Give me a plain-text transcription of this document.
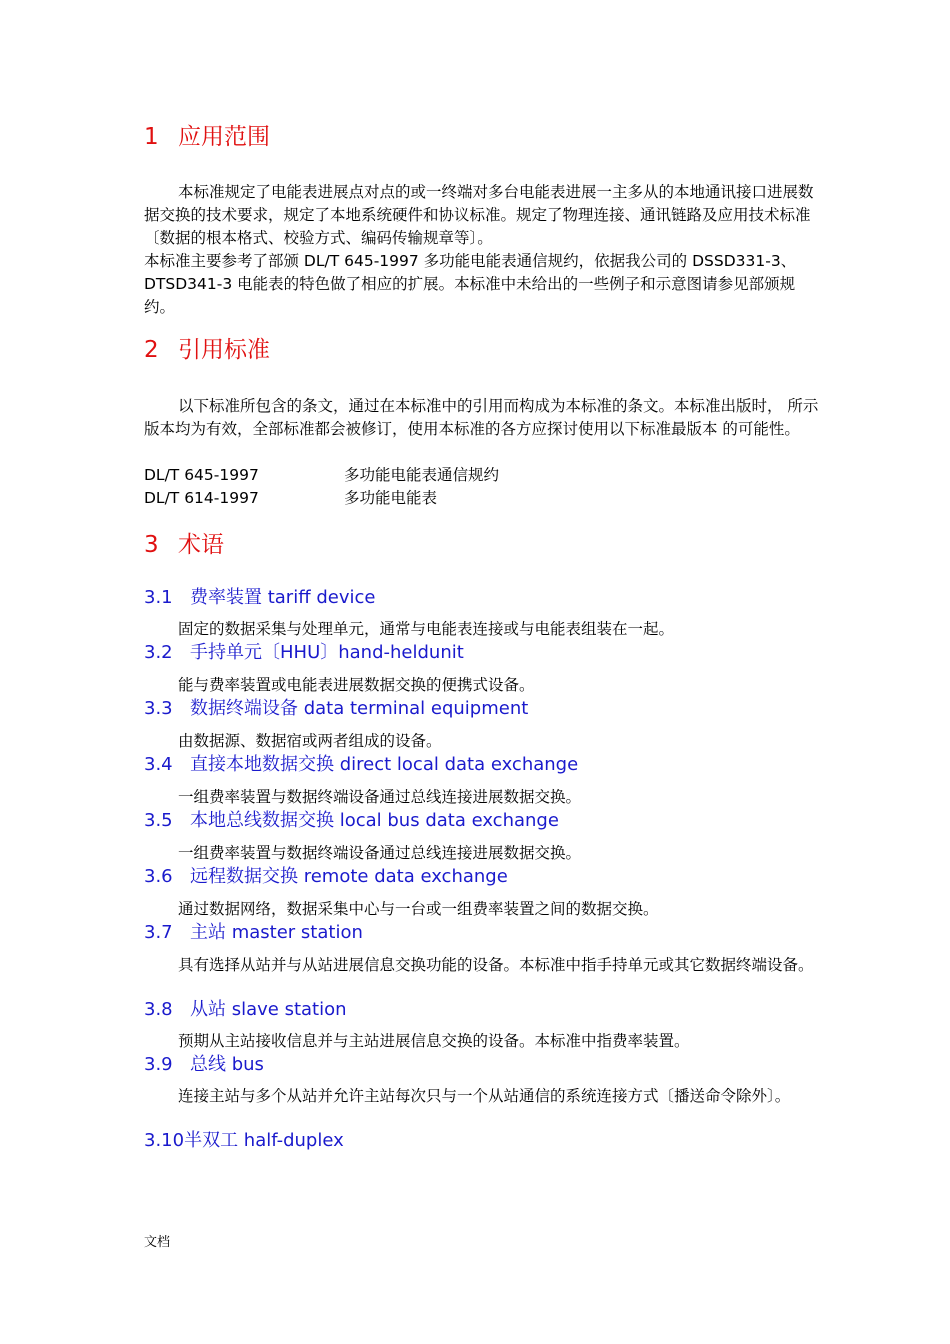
1 应用范围
本标准规定了电能表进展点对点的或一终端对多台电能表进展一主多从的本地通讯接口进展数据交换的技术要求，规定了本地系统硬件和协议标准。规定了物理连接、通讯链路及应用技术标准〔数据的根本格式、校验方式、编码传输规章等〕。
本标准主要参考了部颁 DL/T 645-1997 多功能电能表通信规约，依据我公司的 DSSD331-3、DTSD341-3 电能表的特色做了相应的扩展。本标准中未给出的一些例子和示意图请参见部颁规约。
2 引用标准
以下标准所包含的条文，通过在本标准中的引用而构成为本标准的条文。本标准出版时， 所示版本均为有效，全部标准都会被修订，使用本标准的各方应探讨使用以下标准最版本 的可能性。
DL/T 645-1997	多功能电能表通信规约
DL/T 614-1997	多功能电能表
3 术语
3.1 费率装置 tariff device
固定的数据采集与处理单元，通常与电能表连接或与电能表组装在一起。
3.2 手持单元〔HHU〕hand-heldunit
能与费率装置或电能表进展数据交换的便携式设备。
3.3 数据终端设备 data terminal equipment
由数据源、数据宿或两者组成的设备。
3.4 直接本地数据交换 direct local data exchange
一组费率装置与数据终端设备通过总线连接进展数据交换。
3.5 本地总线数据交换 local bus data exchange
一组费率装置与数据终端设备通过总线连接进展数据交换。
3.6 远程数据交换 remote data exchange
通过数据网络，数据采集中心与一台或一组费率装置之间的数据交换。
3.7 主站 master station
具有选择从站并与从站进展信息交换功能的设备。本标准中指手持单元或其它数据终端设备。
3.8 从站 slave station
预期从主站接收信息并与主站进展信息交换的设备。本标准中指费率装置。
3.9 总线 bus
连接主站与多个从站并允许主站每次只与一个从站通信的系统连接方式〔播送命令除外〕。
3.10半双工 half-duplex
文档
